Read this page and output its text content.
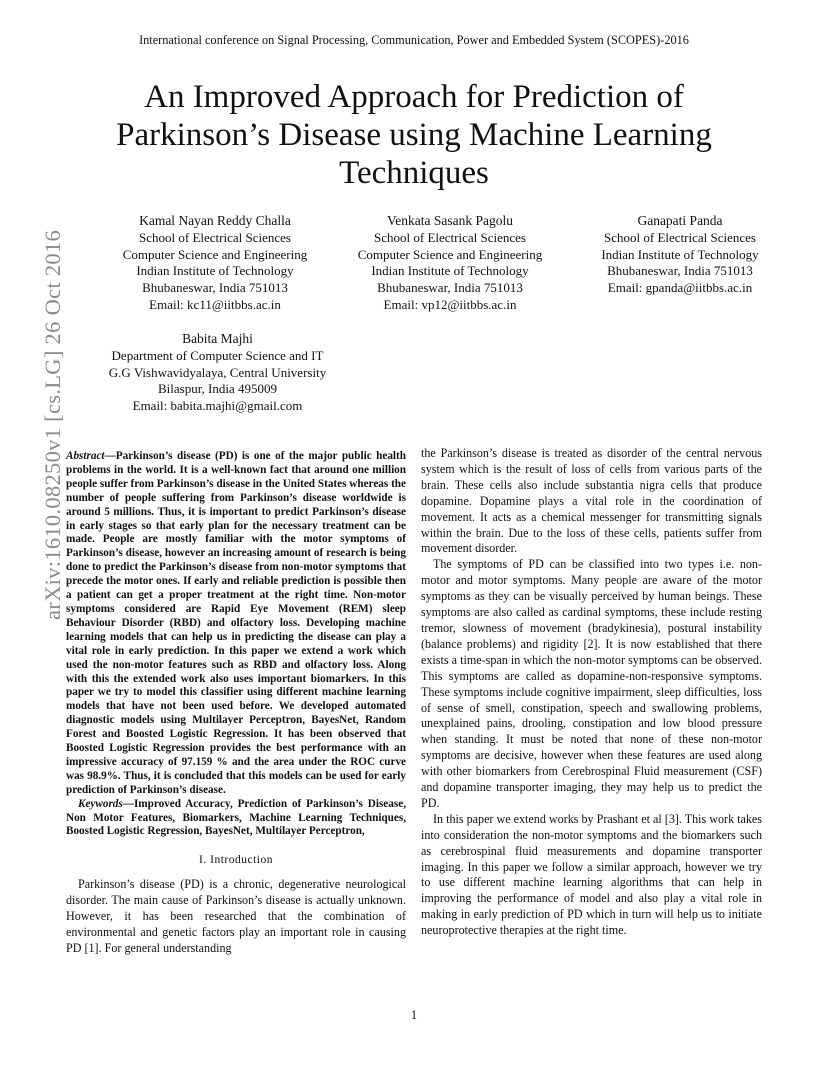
International conference on Signal Processing, Communication, Power and Embedded System (SCOPES)-2016
An Improved Approach for Prediction of Parkinson’s Disease using Machine Learning Techniques
Kamal Nayan Reddy Challa
School of Electrical Sciences
Computer Science and Engineering
Indian Institute of Technology
Bhubaneswar, India 751013
Email: kc11@iitbbs.ac.in
Venkata Sasank Pagolu
School of Electrical Sciences
Computer Science and Engineering
Indian Institute of Technology
Bhubaneswar, India 751013
Email: vp12@iitbbs.ac.in
Ganapati Panda
School of Electrical Sciences
Indian Institute of Technology
Bhubaneswar, India 751013
Email: gpanda@iitbbs.ac.in
Babita Majhi
Department of Computer Science and IT
G.G Vishwavidyalaya, Central University
Bilaspur, India 495009
Email: babita.majhi@gmail.com
arXiv:1610.08250v1 [cs.LG] 26 Oct 2016 Abstract—Parkinson’s disease (PD) is one of the major public health problems in the world. It is a well-known fact that around one million people suffer from Parkinson’s disease in the United States whereas the number of people suffering from Parkinson’s disease worldwide is around 5 millions. Thus, it is important to predict Parkinson’s disease in early stages so that early plan for the necessary treatment can be made. People are mostly familiar with the motor symptoms of Parkinson’s disease, however an increasing amount of research is being done to predict the Parkinson’s disease from non-motor symptoms that precede the motor ones. If early and reliable prediction is possible then a patient can get a proper treatment at the right time. Non-motor symptoms considered are Rapid Eye Movement (REM) sleep Behaviour Disorder (RBD) and olfactory loss. Developing machine learning models that can help us in predicting the disease can play a vital role in early prediction. In this paper we extend a work which used the non-motor features such as RBD and olfactory loss. Along with this the extended work also uses important biomarkers. In this paper we try to model this classifier using different machine learning models that have not been used before. We developed automated diagnostic models using Multilayer Perceptron, BayesNet, Random Forest and Boosted Logistic Regression. It has been observed that Boosted Logistic Regression provides the best performance with an impressive accuracy of 97.159 % and the area under the ROC curve was 98.9%. Thus, it is concluded that this models can be used for early prediction of Parkinson’s disease.

Keywords—Improved Accuracy, Prediction of Parkinson’s Disease, Non Motor Features, Biomarkers, Machine Learning Techniques, Boosted Logistic Regression, BayesNet, Multilayer Perceptron,

I. Introduction

Parkinson’s disease (PD) is a chronic, degenerative neurological disorder. The main cause of Parkinson’s disease is actually unknown. However, it has been researched that the combination of environmental and genetic factors play an important role in causing PD [1]. For general understanding

the Parkinson’s disease is treated as disorder of the central nervous system which is the result of loss of cells from various parts of the brain. These cells also include substantia nigra cells that produce dopamine. Dopamine plays a vital role in the coordination of movement. It acts as a chemical messenger for transmitting signals within the brain. Due to the loss of these cells, patients suffer from movement disorder.

The symptoms of PD can be classified into two types i.e. non-motor and motor symptoms. Many people are aware of the motor symptoms as they can be visually perceived by human beings. These symptoms are also called as cardinal symptoms, these include resting tremor, slowness of movement (bradykinesia), postural instability (balance problems) and rigidity [2]. It is now established that there exists a time-span in which the non-motor symptoms can be observed. This symptoms are called as dopamine-non-responsive symptoms. These symptoms include cognitive impairment, sleep difficulties, loss of sense of smell, constipation, speech and swallowing problems, unexplained pains, drooling, constipation and low blood pressure when standing. It must be noted that none of these non-motor symptoms are decisive, however when these features are used along with other biomarkers from Cerebrospinal Fluid measurement (CSF) and dopamine transporter imaging, they may help us to predict the PD.

In this paper we extend works by Prashant et al [3]. This work takes into consideration the non-motor symptoms and the biomarkers such as cerebrospinal fluid measurements and dopamine transporter imaging. In this paper we follow a similar approach, however we try to use different machine learning algorithms that can help in improving the performance of model and also play a vital role in making in early prediction of PD which in turn will help us to initiate neuroprotective therapies at the right time.

1
